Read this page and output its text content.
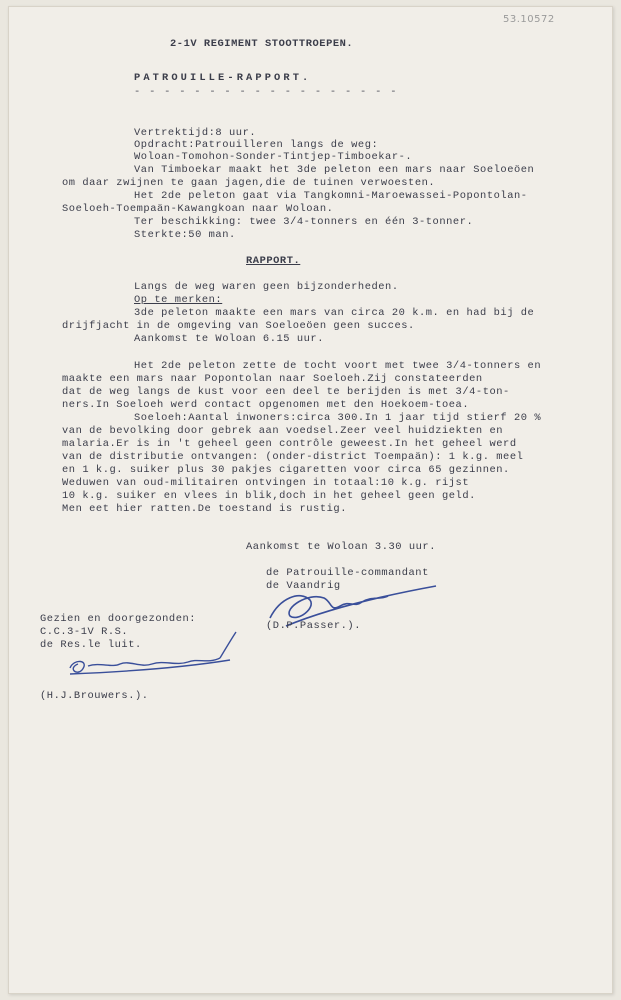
53.10572
2-1V REGIMENT STOOTTROEPEN.
PATROUILLE-RAPPORT.
- - - - - - - - - - - - - - - - - -
Vertrektijd:8 uur.
Opdracht:Patrouilleren langs de weg:
Woloan-Tomohon-Sonder-Tintjep-Timboekar-.
Van Timboekar maakt het 3de peleton een mars naar Soeloeöen
om daar zwijnen te gaan jagen,die de tuinen verwoesten.
Het 2de peleton gaat via Tangkomni-Maroewassei-Popontolan-
Soeloeh-Toempaän-Kawangkoan naar Woloan.
Ter beschikking: twee 3/4-tonners en één 3-tonner.
Sterkte:50 man.
RAPPORT.
Langs de weg waren geen bijzonderheden.
Op te merken:
3de peleton maakte een mars van circa 20 k.m. en had bij de
drijfjacht in de omgeving van Soeloeöen geen succes.
Aankomst te Woloan 6.15 uur.
Het 2de peleton zette de tocht voort met twee 3/4-tonners en
maakte een mars naar Popontolan naar Soeloeh.Zij constateerden
dat de weg langs de kust voor een deel te berijden is met 3/4-ton-
ners.In Soeloeh werd contact opgenomen met den Hoekoem-toea.
Soeloeh:Aantal inwoners:circa 300.In 1 jaar tijd stierf 20 %
van de bevolking door gebrek aan voedsel.Zeer veel huidziekten en
malaria.Er is in 't geheel geen contrôle geweest.In het geheel werd
van de distributie ontvangen: (onder-district Toempaän): 1 k.g. meel
en 1 k.g. suiker plus 30 pakjes cigaretten voor circa 65 gezinnen.
Weduwen van oud-militairen ontvingen in totaal:10 k.g. rijst
10 k.g. suiker en vlees in blik,doch in het geheel geen geld.
Men eet hier ratten.De toestand is rustig.
Aankomst te Woloan 3.30 uur.
de Patrouille-commandant
de Vaandrig
(D.P.Passer.).
Gezien en doorgezonden:
C.C.3-1V R.S.
de Res.le luit.
(H.J.Brouwers.).
